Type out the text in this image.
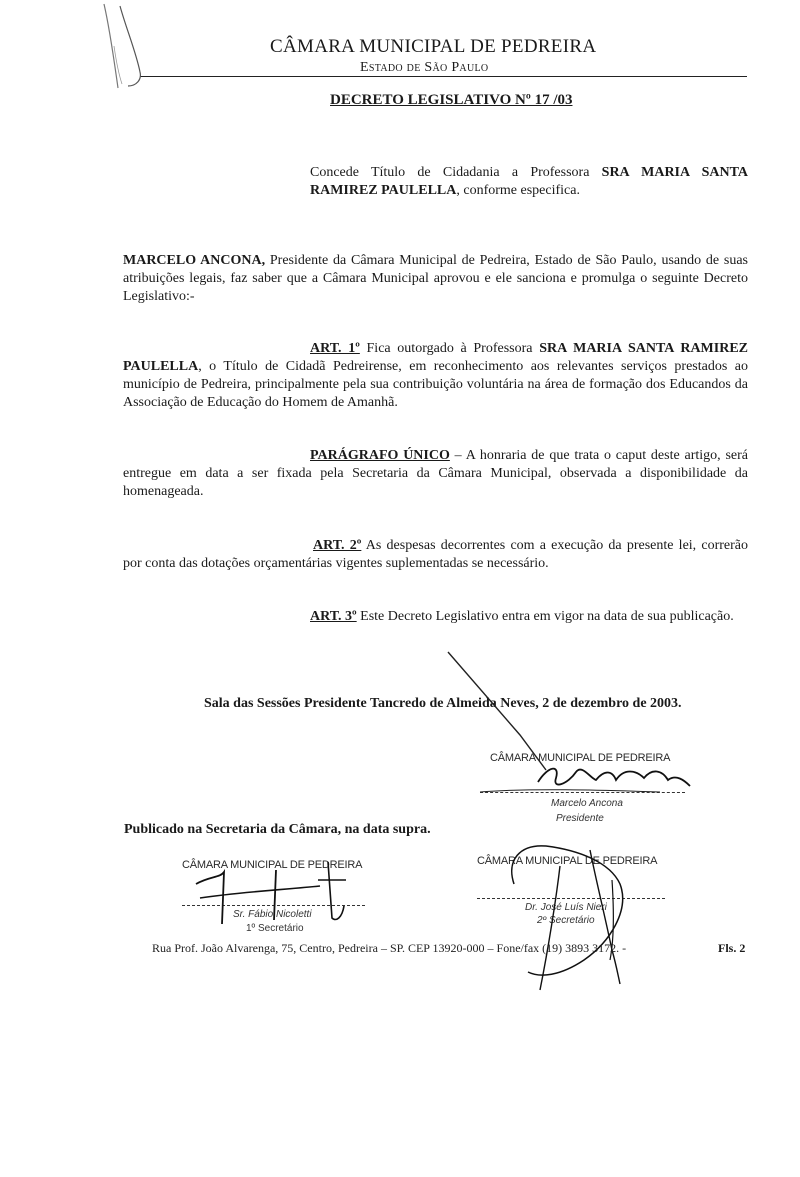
CÂMARA MUNICIPAL DE PEDREIRA
Estado de São Paulo
DECRETO LEGISLATIVO Nº 17 /03
Concede Título de Cidadania a Professora SRA MARIA SANTA RAMIREZ PAULELLA, conforme especifica.
MARCELO ANCONA, Presidente da Câmara Municipal de Pedreira, Estado de São Paulo, usando de suas atribuições legais, faz saber que a Câmara Municipal aprovou e ele sanciona e promulga o seguinte Decreto Legislativo:-
ART. 1º Fica outorgado à Professora SRA MARIA SANTA RAMIREZ PAULELLA, o Título de Cidadã Pedreirense, em reconhecimento aos relevantes serviços prestados ao município de Pedreira, principalmente pela sua contribuição voluntária na área de formação dos Educandos da Associação de Educação do Homem de Amanhã.
PARÁGRAFO ÚNICO – A honraria de que trata o caput deste artigo, será entregue em data a ser fixada pela Secretaria da Câmara Municipal, observada a disponibilidade da homenageada.
ART. 2º As despesas decorrentes com a execução da presente lei, correrão por conta das dotações orçamentárias vigentes suplementadas se necessário.
ART. 3º Este Decreto Legislativo entra em vigor na data de sua publicação.
Sala das Sessões Presidente Tancredo de Almeida Neves, 2 de dezembro de 2003.
CÂMARA MUNICIPAL DE PEDREIRA
Marcelo Ancona
Presidente
Publicado na Secretaria da Câmara, na data supra.
CÂMARA MUNICIPAL DE PEDREIRA
Sr. Fábio Nicoletti
1º Secretário
CÂMARA MUNICIPAL DE PEDREIRA
Dr. José Luís Nieri
2º Secretário
Rua Prof. João Alvarenga, 75, Centro, Pedreira – SP. CEP 13920-000 – Fone/fax (19) 3893 3172. -	Fls. 2
